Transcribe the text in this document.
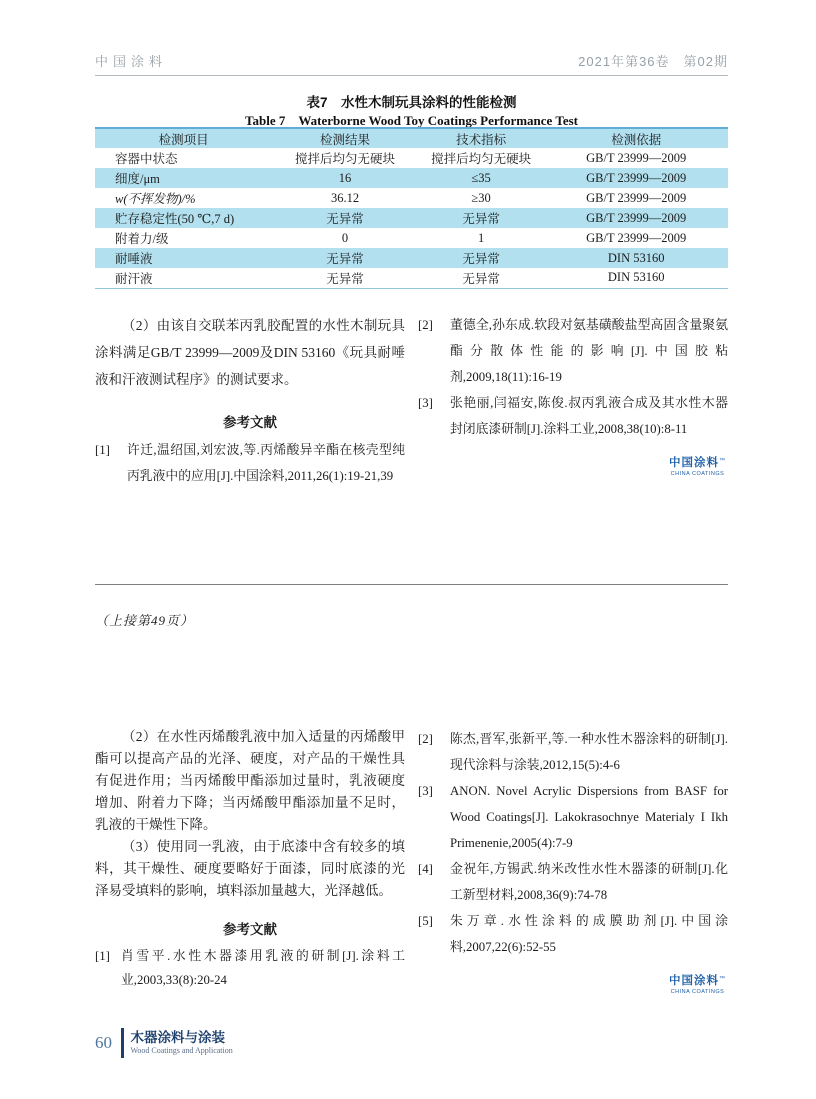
中国涂料	2021年第36卷　第02期
表7　水性木制玩具涂料的性能检测
Table 7　Waterborne Wood Toy Coatings Performance Test
检测项目	检测结果	技术指标	检测依据
容器中状态	搅拌后均匀无硬块	搅拌后均匀无硬块	GB/T 23999—2009
细度/μm	16	≤35	GB/T 23999—2009
w(不挥发物)/%	36.12	≥30	GB/T 23999—2009
贮存稳定性(50 ℃,7 d)	无异常	无异常	GB/T 23999—2009
附着力/级	0	1	GB/T 23999—2009
耐唾液	无异常	无异常	DIN 53160
耐汗液	无异常	无异常	DIN 53160

（2）由该自交联苯丙乳胶配置的水性木制玩具涂料满足GB/T 23999—2009及DIN 53160《玩具耐唾液和汗液测试程序》的测试要求。

参考文献
[1]	许迁,温绍国,刘宏波,等.丙烯酸异辛酯在核壳型纯丙乳液中的应用[J].中国涂料,2011,26(1):19-21,39
[2]	董德全,孙东成.软段对氨基磺酸盐型高固含量聚氨酯分散体性能的影响[J].中国胶粘剂,2009,18(11):16-19
[3]	张艳丽,闫福安,陈俊.叔丙乳液合成及其水性木器封闭底漆研制[J].涂料工业,2008,38(10):8-11
中国涂料™
CHINA COATINGS
（上接第49页）

（2）在水性丙烯酸乳液中加入适量的丙烯酸甲酯可以提高产品的光泽、硬度，对产品的干燥性具有促进作用；当丙烯酸甲酯添加过量时，乳液硬度增加、附着力下降；当丙烯酸甲酯添加量不足时，乳液的干燥性下降。

（3）使用同一乳液，由于底漆中含有较多的填料，其干燥性、硬度要略好于面漆，同时底漆的光泽易受填料的影响，填料添加量越大，光泽越低。

参考文献
[1] 肖雪平.水性木器漆用乳液的研制[J].涂料工业,2003,33(8):20-24
[2]	陈杰,晋军,张新平,等.一种水性木器涂料的研制[J].现代涂料与涂装,2012,15(5):4-6
[3]	ANON. Novel Acrylic Dispersions from BASF for Wood Coatings[J]. Lakokrasochnye Materialy I Ikh Primenenie,2005(4):7-9
[4]	金祝年,方锡武.纳米改性水性木器漆的研制[J].化工新型材料,2008,36(9):74-78
[5]	朱万章.水性涂料的成膜助剂[J].中国涂料,2007,22(6):52-55
中国涂料™
CHINA COATINGS
60 木器涂料与涂装
Wood Coatings and Application
